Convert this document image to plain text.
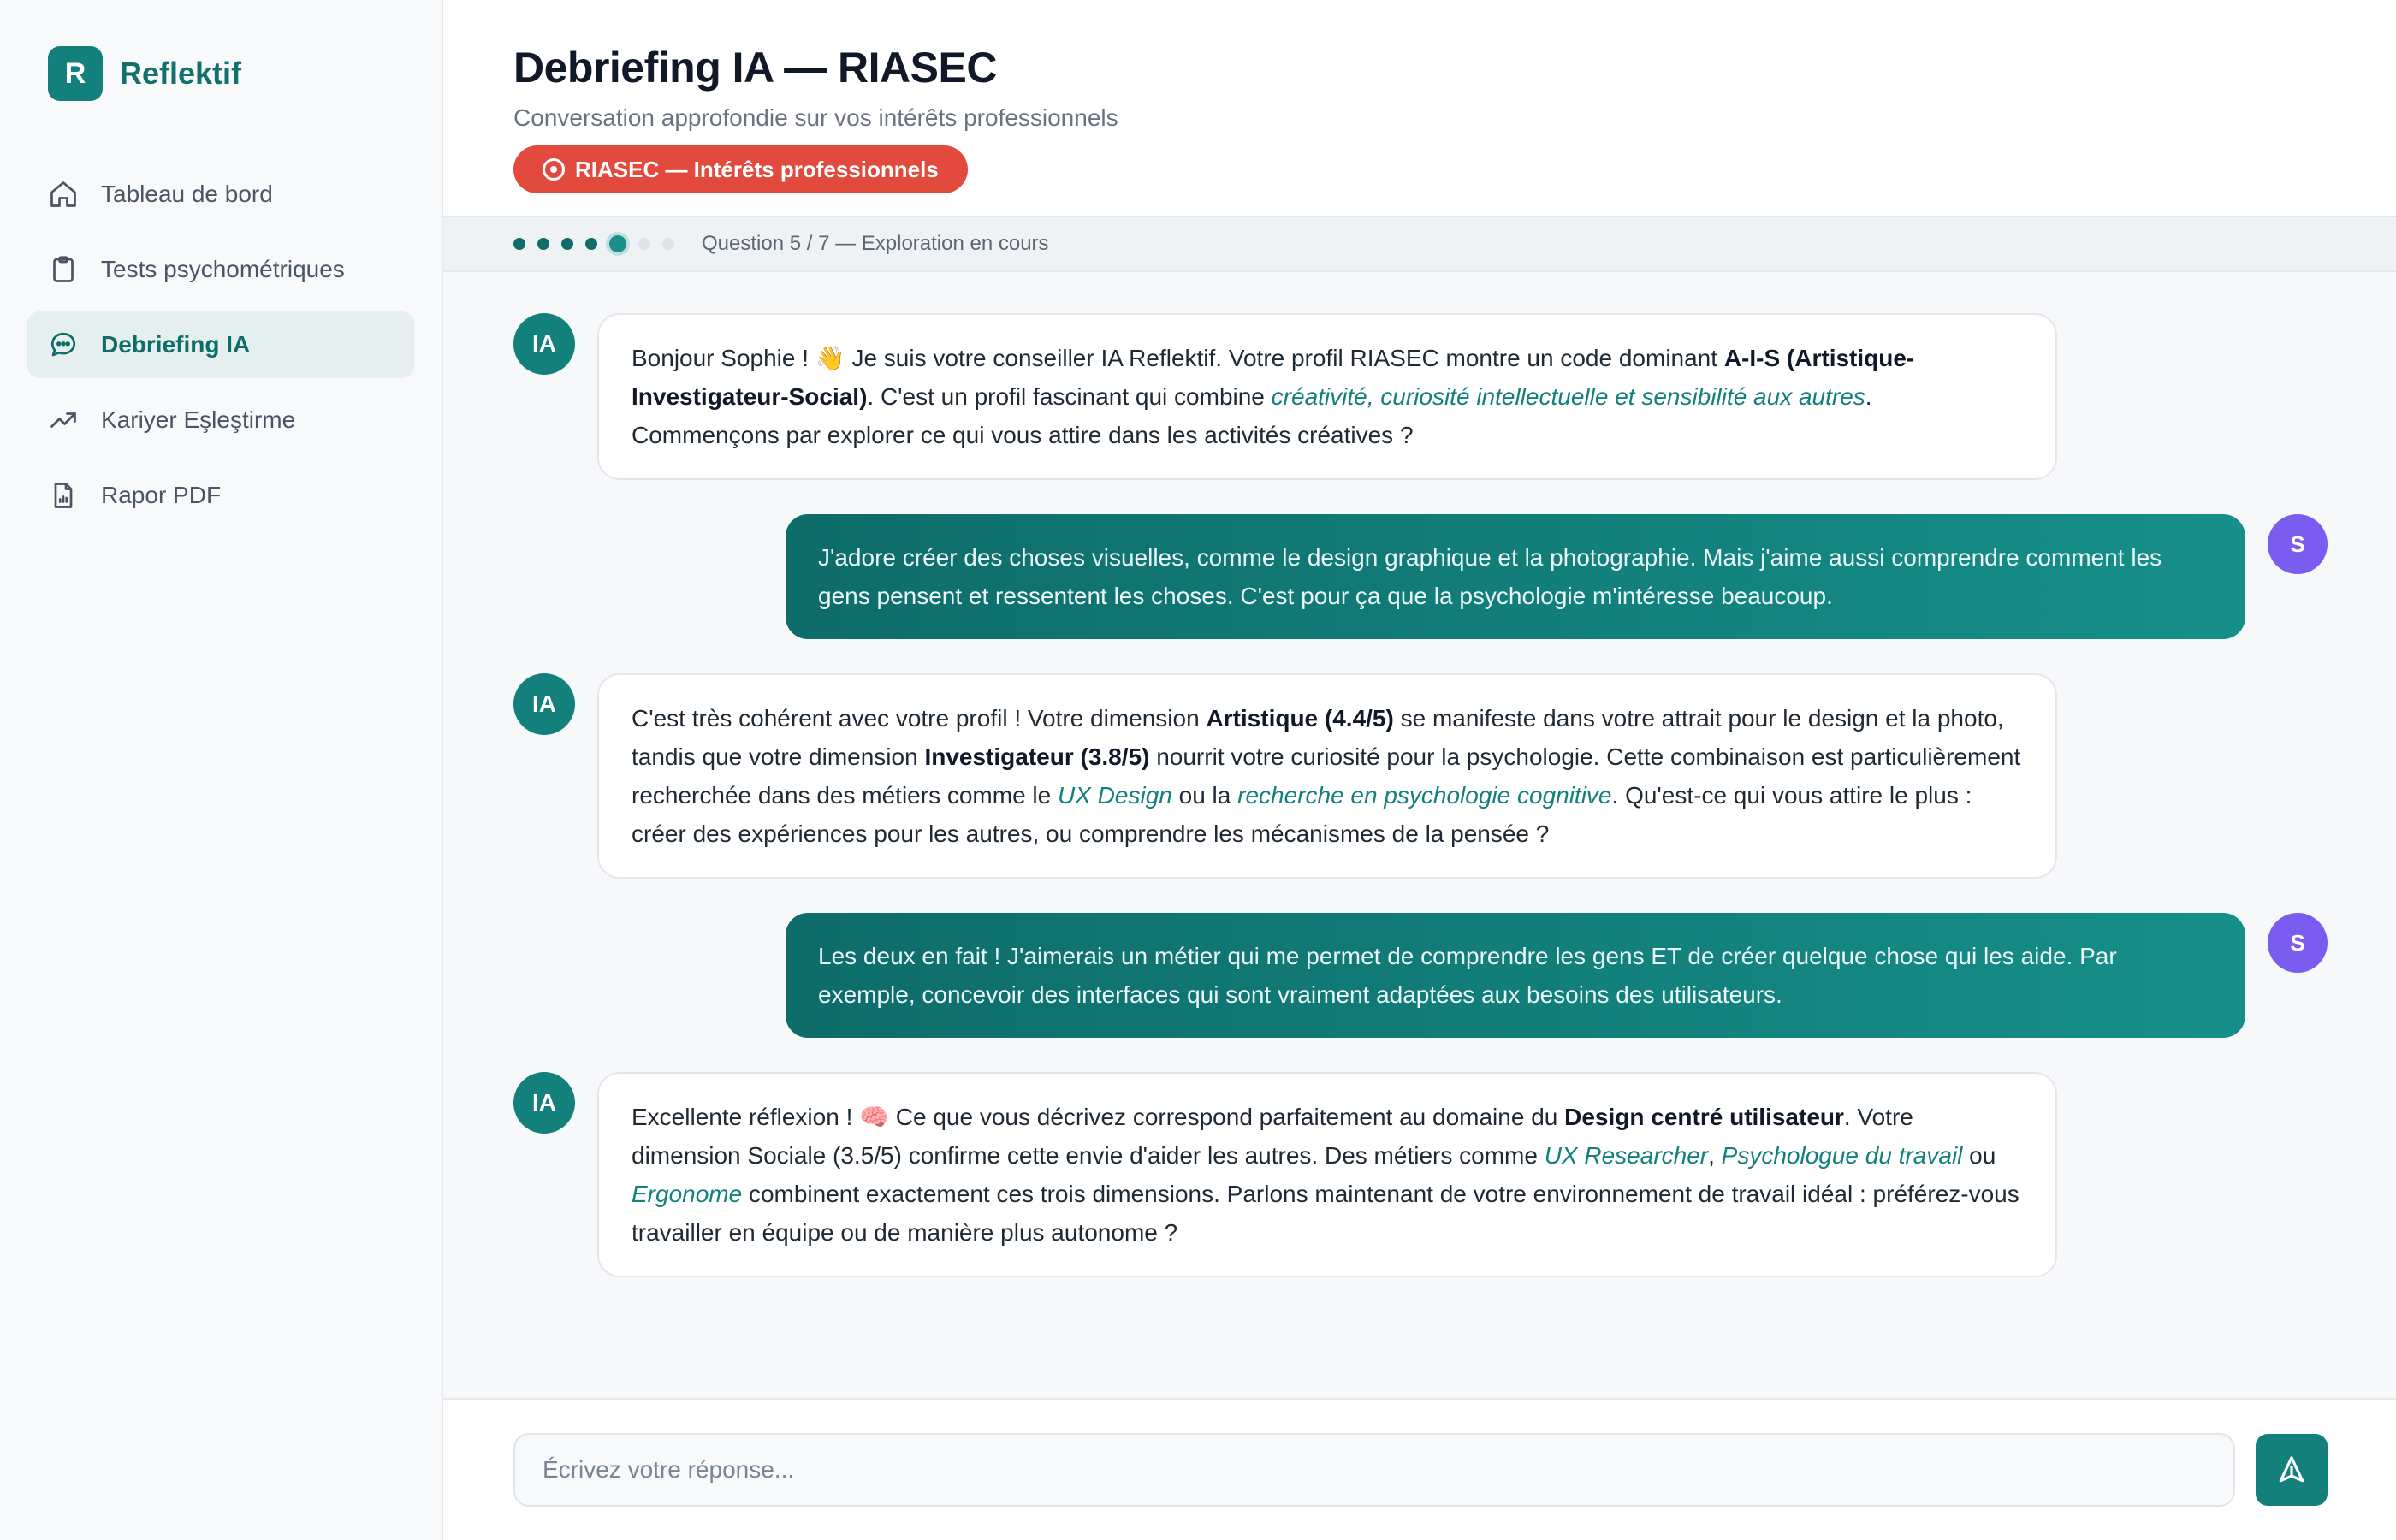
R	Reflektif
Tableau de bord
Tests psychométriques
Debriefing IA
Kariyer Eşleştirme
Rapor PDF
Debriefing IA — RIASEC
Conversation approfondie sur vos intérêts professionnels
RIASEC — Intérêts professionnels
Question 5 / 7 — Exploration en cours
IA
Bonjour Sophie ! 👋 Je suis votre conseiller IA Reflektif. Votre profil RIASEC montre un code dominant A-I-S (Artistique-Investigateur-Social). C'est un profil fascinant qui combine créativité, curiosité intellectuelle et sensibilité aux autres. Commençons par explorer ce qui vous attire dans les activités créatives ?
J'adore créer des choses visuelles, comme le design graphique et la photographie. Mais j'aime aussi comprendre comment les gens pensent et ressentent les choses. C'est pour ça que la psychologie m'intéresse beaucoup.
S
IA
C'est très cohérent avec votre profil ! Votre dimension Artistique (4.4/5) se manifeste dans votre attrait pour le design et la photo, tandis que votre dimension Investigateur (3.8/5) nourrit votre curiosité pour la psychologie. Cette combinaison est particulièrement recherchée dans des métiers comme le UX Design ou la recherche en psychologie cognitive. Qu'est-ce qui vous attire le plus : créer des expériences pour les autres, ou comprendre les mécanismes de la pensée ?
Les deux en fait ! J'aimerais un métier qui me permet de comprendre les gens ET de créer quelque chose qui les aide. Par exemple, concevoir des interfaces qui sont vraiment adaptées aux besoins des utilisateurs.
S
IA
Excellente réflexion ! 🧠 Ce que vous décrivez correspond parfaitement au domaine du Design centré utilisateur. Votre dimension Sociale (3.5/5) confirme cette envie d'aider les autres. Des métiers comme UX Researcher, Psychologue du travail ou Ergonome combinent exactement ces trois dimensions. Parlons maintenant de votre environnement de travail idéal : préférez-vous travailler en équipe ou de manière plus autonome ?
Écrivez votre réponse...
